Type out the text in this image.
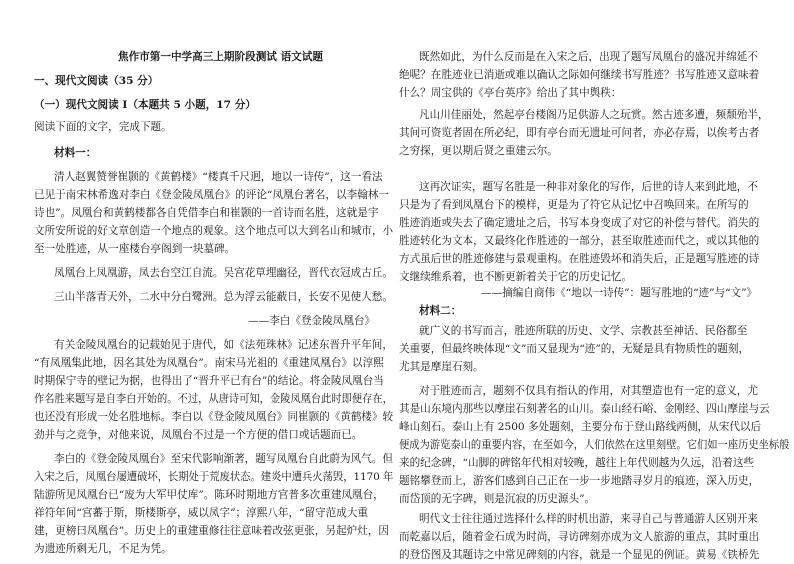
焦作市第一中学高三上期阶段测试 语文试题

一、现代文阅读（35 分）

（一）现代文阅读 I（本题共 5 小题，17 分）

阅读下面的文字，完成下题。

材料一：

清人赵翼赞誉崔颢的《黄鹤楼》“楼真千尺迥，地以一诗传”，这一看法

已见于南宋林希逸对李白《登金陵凤凰台》的评论“凤凰台著名，以李翰林一

诗也”。凤凰台和黄鹤楼都各自凭借李白和崔颢的一首诗而名胜，这就是宇

文所安所说的好文章创造一个地点的观象。这个地点可以大到名山和城市，小

至一处胜迹，从一座楼台亭阁到一块墓碑。

凤凰台上凤凰游，凤去台空江自流。吴宫花草埋幽径，晋代衣冠成古丘。

三山半落青天外，二水中分白鹭洲。总为浮云能蔽日，长安不见使人愁。

——李白《登金陵凤凰台》

有关金陵凤凰台的记载始见于唐代，如《法苑珠林》记述东晋升平年间，

“有凤凰集此地，因名其处为凤凰台”。南宋马光祖的《重建凤凰台》以淳熙

时期保宁寺的壁记为据，也得出了“晋升平已有台”的结论。将金陵凤凰台当

作名胜来题写是自李白开始的。不过，从唐诗可知，金陵凤凰台此时即便存在，

也还没有形成一处名胜地标。李白以《登金陵凤凰台》同崔颢的《黄鹤楼》较

劲并与之竞争，对他来说，凤凰台不过是一个方便的借口或话题而已。

李白的《登金陵凤凰台》至宋代影响渐著，题写凤凰台自此蔚为风气。但

入宋之后，凤凰台屡遭破坏，长期处于荒废状态。建炎中遭兵火荡毁，1170 年

陆游所见凤凰台已“废为大军甲仗库”。陈环时期地方官普多次重建凤凰台，

祥符年间“宫蕃于斯，斯楼斯亭，威以凤字”；淳熙八年，“留守范成大重

建，更榜曰凤凰台”。历史上的重建重修往往意味着改弦更张，另起炉灶，因

为遗迹所剩无几，不足为凭。

既然如此，为什么反而是在入宋之后，出现了题写凤凰台的盛况并绵延不

绝呢？在胜迹业已消逝或难以确认之际如何继续书写胜迹？书写胜迹又意味着

什么？周宝供的《亭台英序》给出了其中舆秩：

凡山川佳丽处，然起亭台楼阁乃足供游人之玩赏。然古迹多遭，频颓殆半，

其间可资览者固在所必纪，即有亭台而无遗址可问者，亦必存焉，以俟考古者

之穷探，更以期后贤之重建云尔。

这再次证实，题写名胜是一种非对象化的写作，后世的诗人来到此地，不

只是为了看到凤凰台下的模样，更是为了符它从记忆中召唤回来。在所写的

胜迹消逝或失去了确定遗址之后，书写本身变成了对它的补偿与替代。消失的

胜迹转化为文本，又最终化作胜迹的一部分，甚至取胜迹而代之，或以其他的

方式虽后世的胜迹修建与景观重构。在胜迹毁坏和消失后，正是题写胜迹的诗

文继续维系着，也不断更新着关于它的历史记忆。

——摘编自商伟《“地以一诗传”：题写胜地的“迹”与“文”》

材料二：

就广义的书写而言，胜迹所联的历史、文学、宗教甚至神话、民俗都至

关重要，但最终映体现“文”而又显现为“迹”的，无疑是具有物质性的题刻，

尤其是摩崖石刻。

对于胜迹而言，题刻不仅具有指认的作用，对其塑造也有一定的意义，尤

其是山东境内那些以摩崖石刻著名的山川。泰山经石峪、金刚经、四山摩崖与云

峰山刻石。泰山上有 2500 多处题刻，主要分布于登山路线两侧，从宋代以后

便成为游览泰山的重要内容，在至如今，人们依然在这里刻壁。它们如一座历史坐标般

来的纪念碑，“山脚的碑铭年代相对较晚，越往上年代则越为久远，沿着这些

题铭攀登而上，游客们感到自己正在一步一步地踏寻岁月的痕迹，深入历史，

而岱顶的无字碑，则是沉寂的历史源头”。

明代文士往往通过选择什么样的时机出游，来寻自己与普通游人区别开来

而乾嘉以后，随着金石成为时尚，寻访碑刻亦成为文人旅游的重点，其时重出

的登岱图及其题诗之中常见碑刻的内容，就是一个显见的例证。黄易《铁桥先
